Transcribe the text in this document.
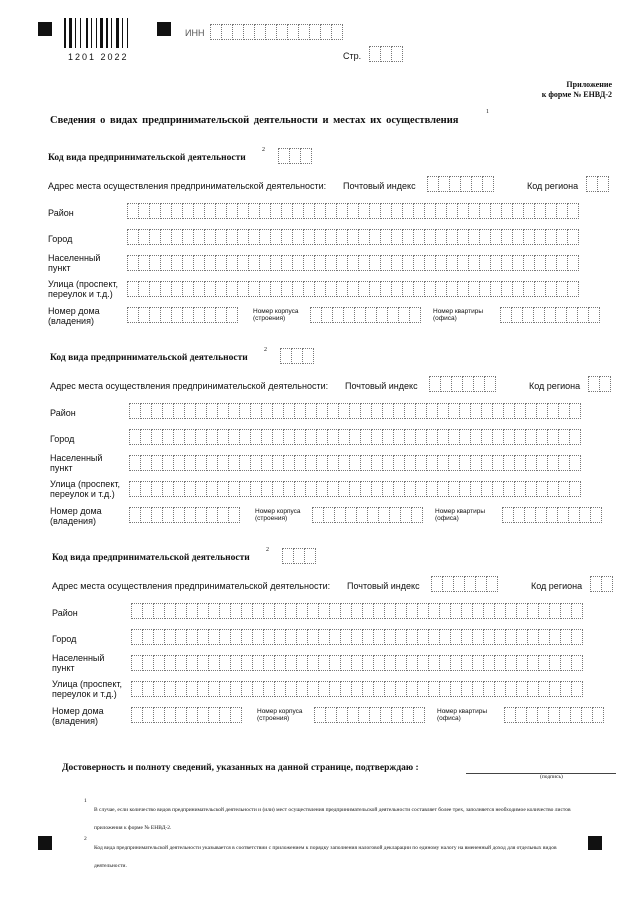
1201 2022
ИНН
Стр.
Приложение
к форме № ЕНВД-2
Сведения о видах предпринимательской деятельности и местах их осуществления
1
Код вида предпринимательской деятельности
2
Адрес места осуществления предпринимательской деятельности: Почтовый индекс	Код региона
Район
Город
Населенный
пункт
Улица (проспект,
переулок и т.д.)
Номер дома
(владения)
Номер корпуса
(строения)
Номер квартиры
(офиса)
Код вида предпринимательской деятельности
2
Адрес места осуществления предпринимательской деятельности: Почтовый индекс	Код региона
Район
Город
Населенный
пункт
Улица (проспект,
переулок и т.д.)
Номер дома
(владения)
Номер корпуса
(строения)
Номер квартиры
(офиса)
Код вида предпринимательской деятельности
2
Адрес места осуществления предпринимательской деятельности: Почтовый индекс	Код региона
Район
Город
Населенный
пункт
Улица (проспект,
переулок и т.д.)
Номер дома
(владения)
Номер корпуса
(строения)
Номер квартиры
(офиса)
Достоверность и полноту сведений, указанных на данной странице, подтверждаю :
(подпись)
1
В случае, если количество видов предпринимательской деятельности и (или) мест осуществления предпринимательской деятельности составляет более трех, заполняется необходимое количество листов приложения к форме № ЕНВД-2.
2
Код вида предпринимательской деятельности указывается в соответствии с приложением к порядку заполнения налоговой декларации по единому налогу на вмененный доход для отдельных видов деятельности.
